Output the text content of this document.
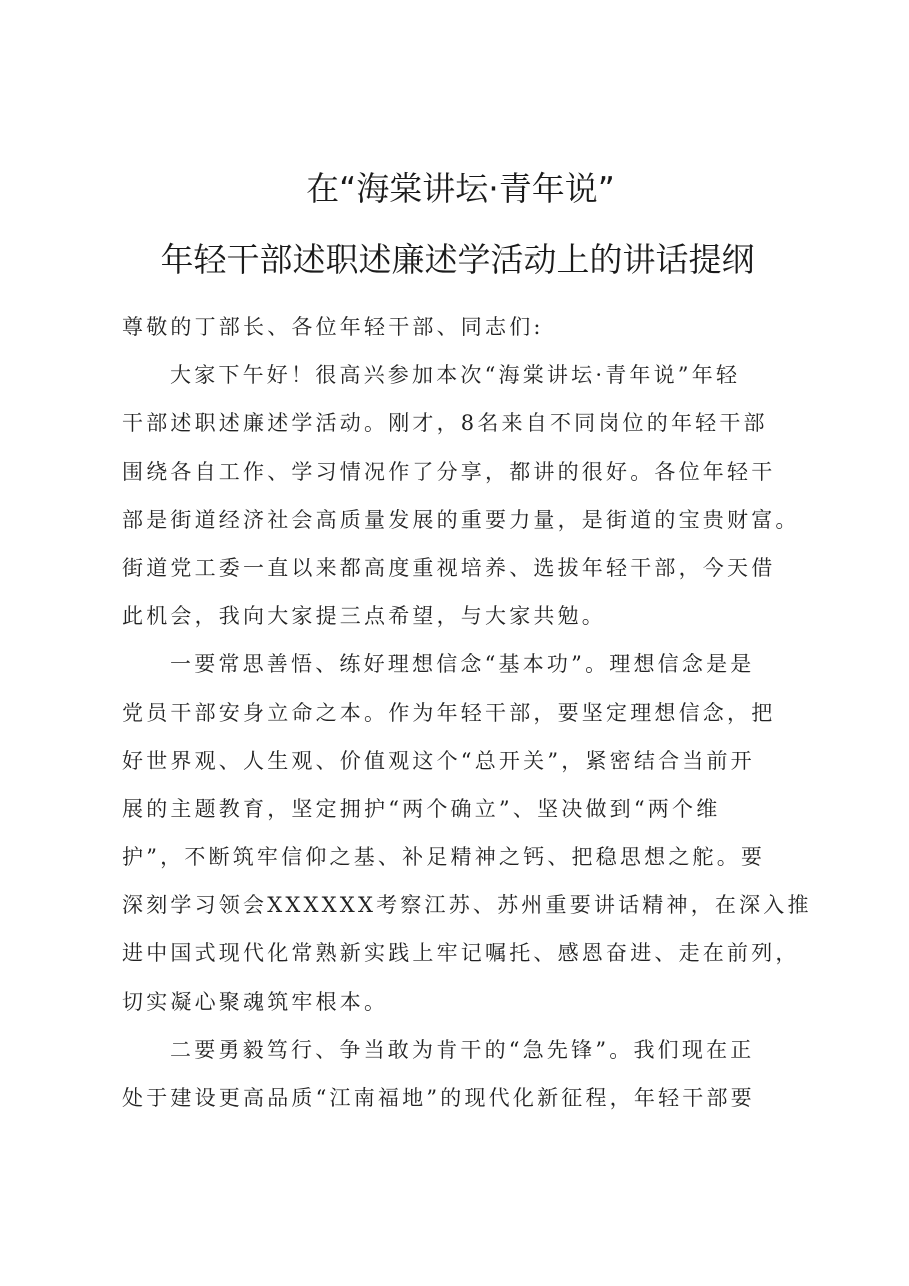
在“海棠讲坛·青年说”
年轻干部述职述廉述学活动上的讲话提纲
尊敬的丁部长、各位年轻干部、同志们:
大家下午好！很高兴参加本次“海棠讲坛·青年说”年轻
干部述职述廉述学活动。刚才，8名来自不同岗位的年轻干部
围绕各自工作、学习情况作了分享，都讲的很好。各位年轻干
部是街道经济社会高质量发展的重要力量，是街道的宝贵财富。
街道党工委一直以来都高度重视培养、选拔年轻干部，今天借
此机会，我向大家提三点希望，与大家共勉。
一要常思善悟、练好理想信念“基本功”。理想信念是是
党员干部安身立命之本。作为年轻干部，要坚定理想信念，把
好世界观、人生观、价值观这个“总开关”，紧密结合当前开
展的主题教育，坚定拥护“两个确立”、坚决做到“两个维
护”，不断筑牢信仰之基、补足精神之钙、把稳思想之舵。要
深刻学习领会XXXXXX考察江苏、苏州重要讲话精神，在深入推
进中国式现代化常熟新实践上牢记嘱托、感恩奋进、走在前列，
切实凝心聚魂筑牢根本。
二要勇毅笃行、争当敢为肯干的“急先锋”。我们现在正
处于建设更高品质“江南福地”的现代化新征程，年轻干部要
